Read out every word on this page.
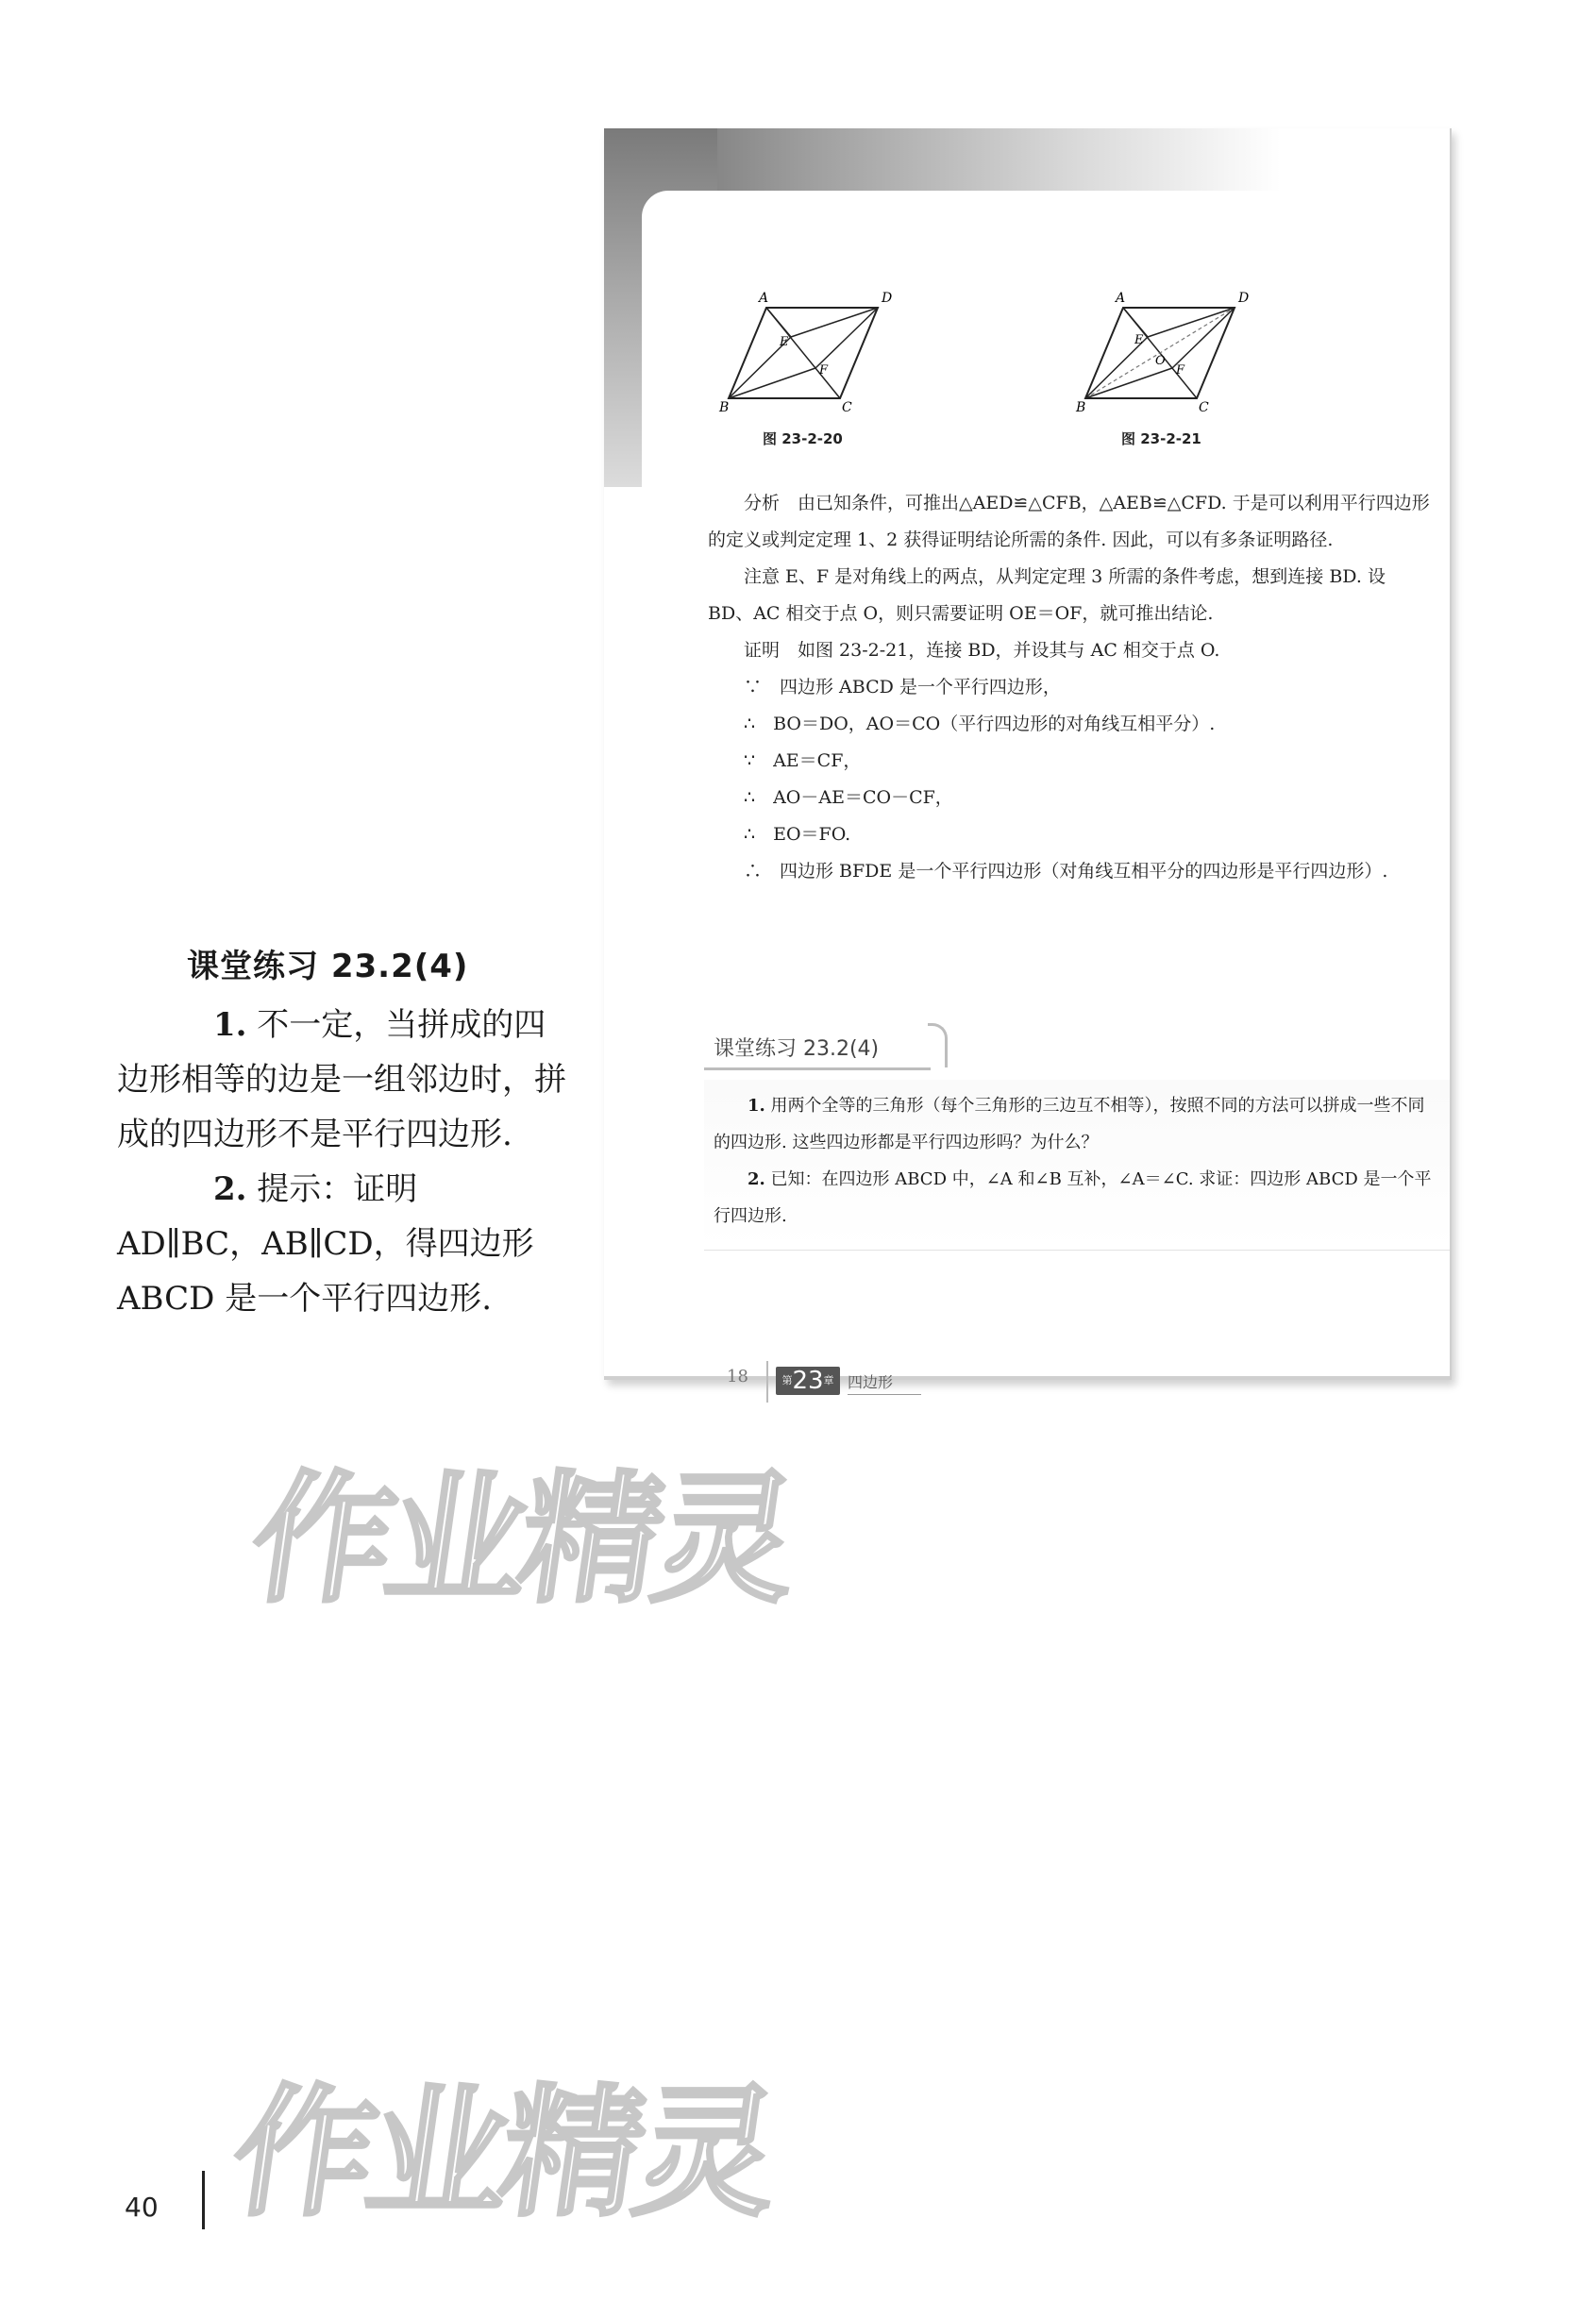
课堂练习 23.2(4)

1. 不一定，当拼成的四边形相等的边是一组邻边时，拼成的四边形不是平行四边形.

2. 提示：证明 AD∥BC，AB∥CD，得四边形 ABCD 是一个平行四边形.

A	D
B	C
E
F
图 23-2-20
A	D
B	C
E
O
F
图 23-2-21

分析　由已知条件，可推出△AED≌△CFB，△AEB≌△CFD. 于是可以利用平行四边形的定义或判定定理 1、2 获得证明结论所需的条件. 因此，可以有多条证明路径.

注意 E、F 是对角线上的两点，从判定定理 3 所需的条件考虑，想到连接 BD. 设 BD、AC 相交于点 O，则只需要证明 OE＝OF，就可推出结论.

证明　如图 23-2-21，连接 BD，并设其与 AC 相交于点 O.

∵　四边形 ABCD 是一个平行四边形，

∴　BO＝DO，AO＝CO（平行四边形的对角线互相平分）.

∵　AE＝CF，

∴　AO－AE＝CO－CF，

∴　EO＝FO.

∴　四边形 BFDE 是一个平行四边形（对角线互相平分的四边形是平行四边形）.

课堂练习 23.2(4)

1. 用两个全等的三角形（每个三角形的三边互不相等），按照不同的方法可以拼成一些不同的四边形. 这些四边形都是平行四边形吗？为什么？

2. 已知：在四边形 ABCD 中，∠A 和∠B 互补，∠A＝∠C. 求证：四边形 ABCD 是一个平行四边形.

18	$^第23^章$ 四边形
作业精灵
作业精灵
40
